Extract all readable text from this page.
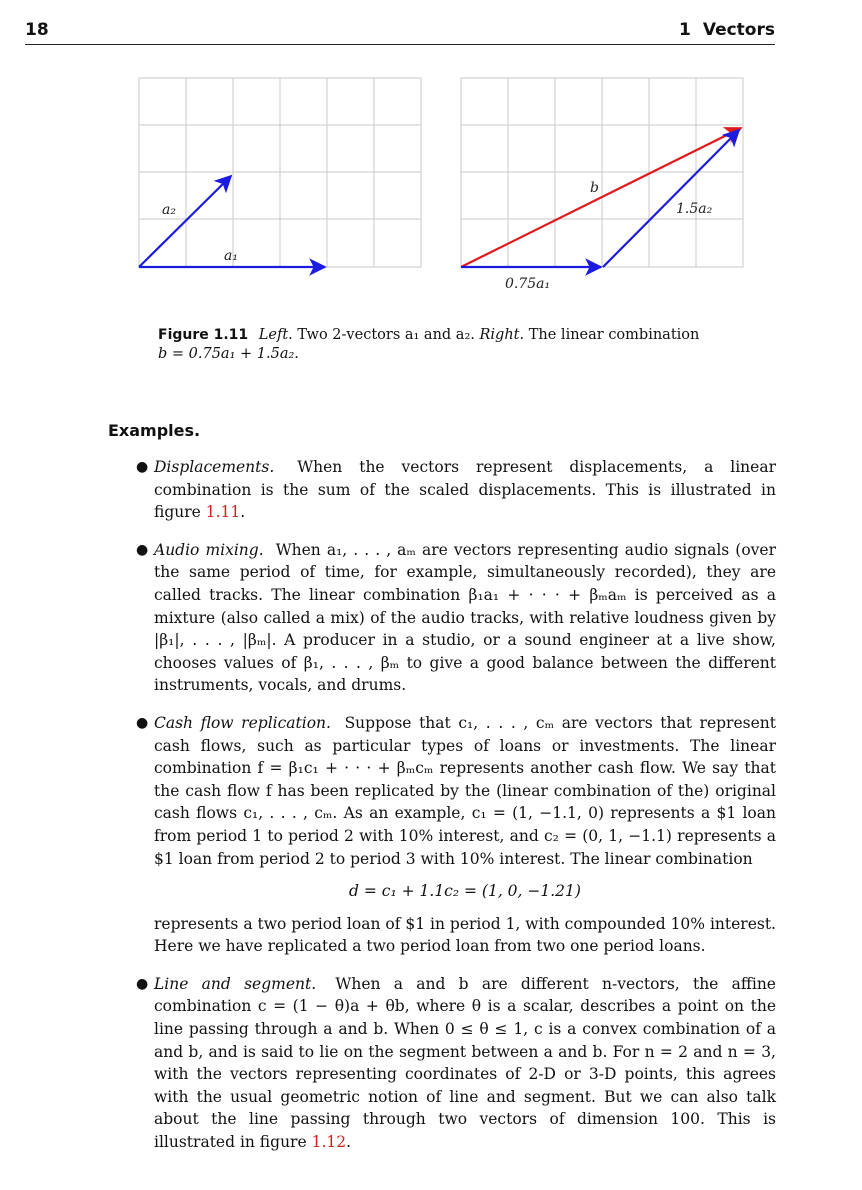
18	1 Vectors
a₂
a₁
b
1.5a₂
0.75a₁
Figure 1.11 Left. Two 2-vectors a₁ and a₂. Right. The linear combination
b = 0.75a₁ + 1.5a₂.
Examples.
● Displacements. When the vectors represent displacements, a linear combination is the sum of the scaled displacements. This is illustrated in figure 1.11.

● Audio mixing. When a₁, . . . , aₘ are vectors representing audio signals (over the same period of time, for example, simultaneously recorded), they are called tracks. The linear combination β₁a₁ + · · · + βₘaₘ is perceived as a mixture (also called a mix) of the audio tracks, with relative loudness given by |β₁|, . . . , |βₘ|. A producer in a studio, or a sound engineer at a live show, chooses values of β₁, . . . , βₘ to give a good balance between the different instruments, vocals, and drums.

● Cash flow replication. Suppose that c₁, . . . , cₘ are vectors that represent cash flows, such as particular types of loans or investments. The linear combination f = β₁c₁ + · · · + βₘcₘ represents another cash flow. We say that the cash flow f has been replicated by the (linear combination of the) original cash flows c₁, . . . , cₘ. As an example, c₁ = (1, −1.1, 0) represents a $1 loan from period 1 to period 2 with 10% interest, and c₂ = (0, 1, −1.1) represents a $1 loan from period 2 to period 3 with 10% interest. The linear combination

d = c₁ + 1.1c₂ = (1, 0, −1.21)

represents a two period loan of $1 in period 1, with compounded 10% interest. Here we have replicated a two period loan from two one period loans.

● Line and segment. When a and b are different n-vectors, the affine combination c = (1 − θ)a + θb, where θ is a scalar, describes a point on the line passing through a and b. When 0 ≤ θ ≤ 1, c is a convex combination of a and b, and is said to lie on the segment between a and b. For n = 2 and n = 3, with the vectors representing coordinates of 2-D or 3-D points, this agrees with the usual geometric notion of line and segment. But we can also talk about the line passing through two vectors of dimension 100. This is illustrated in figure 1.12.
